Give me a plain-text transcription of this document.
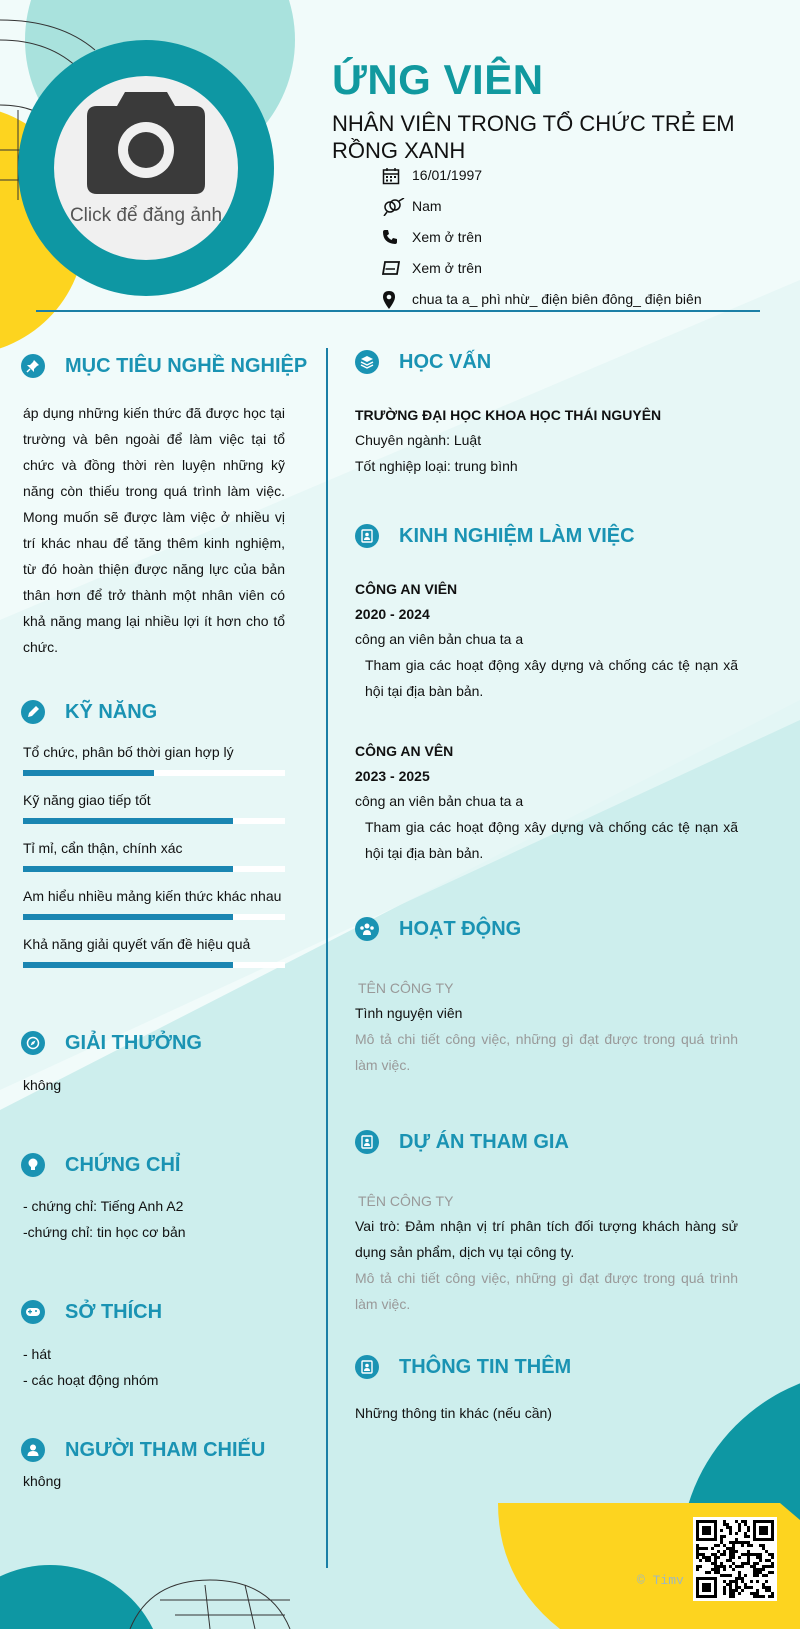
Click để đăng ảnh
ỨNG VIÊN
NHÂN VIÊN TRONG TỔ CHỨC TRẺ EM RỒNG XANH
16/01/1997
Nam
Xem ở trên
Xem ở trên
chua ta a_ phì nhừ_ điện biên đông_ điện biên
MỤC TIÊU NGHỀ NGHIỆP

áp dụng những kiến thức đã được học tại trường và bên ngoài để làm việc tại tổ chức và đồng thời rèn luyện những kỹ năng còn thiếu trong quá trình làm việc. Mong muốn sẽ được làm việc ở nhiều vị trí khác nhau để tăng thêm kinh nghiệm, từ đó hoàn thiện được năng lực của bản thân hơn để trở thành một nhân viên có khả năng mang lại nhiều lợi ít hơn cho tổ chức.

KỸ NĂNG
Tổ chức, phân bố thời gian hợp lý
Kỹ năng giao tiếp tốt
Tỉ mỉ, cẩn thận, chính xác
Am hiểu nhiều mảng kiến thức khác nhau
Khả năng giải quyết vấn đề hiệu quả
GIẢI THƯỞNG

không

CHỨNG CHỈ

- chứng chỉ: Tiếng Anh A2

-chứng chỉ: tin học cơ bản

SỞ THÍCH

- hát

- các hoạt động nhóm

NGƯỜI THAM CHIẾU

không

HỌC VẤN

TRƯỜNG ĐẠI HỌC KHOA HỌC THÁI NGUYÊN

Chuyên ngành: Luật

Tốt nghiệp loại: trung bình

KINH NGHIỆM LÀM VIỆC

CÔNG AN VIÊN

2020 - 2024

công an viên bản chua ta a

Tham gia các hoạt động xây dựng và chống các tệ nạn xã hội tại địa bàn bản.

CÔNG AN VÊN

2023 - 2025

công an viên bản chua ta a

Tham gia các hoạt động xây dựng và chống các tệ nạn xã hội tại địa bàn bản.

HOẠT ĐỘNG

TÊN CÔNG TY

Tình nguyện viên

Mô tả chi tiết công việc, những gì đạt được trong quá trình làm việc.

DỰ ÁN THAM GIA

TÊN CÔNG TY

Vai trò: Đảm nhận vị trí phân tích đối tượng khách hàng sử dụng sản phẩm, dịch vụ tại công ty.

Mô tả chi tiết công việc, những gì đạt được trong quá trình làm việc.

THÔNG TIN THÊM

Những thông tin khác (nếu cần)

© Timv
